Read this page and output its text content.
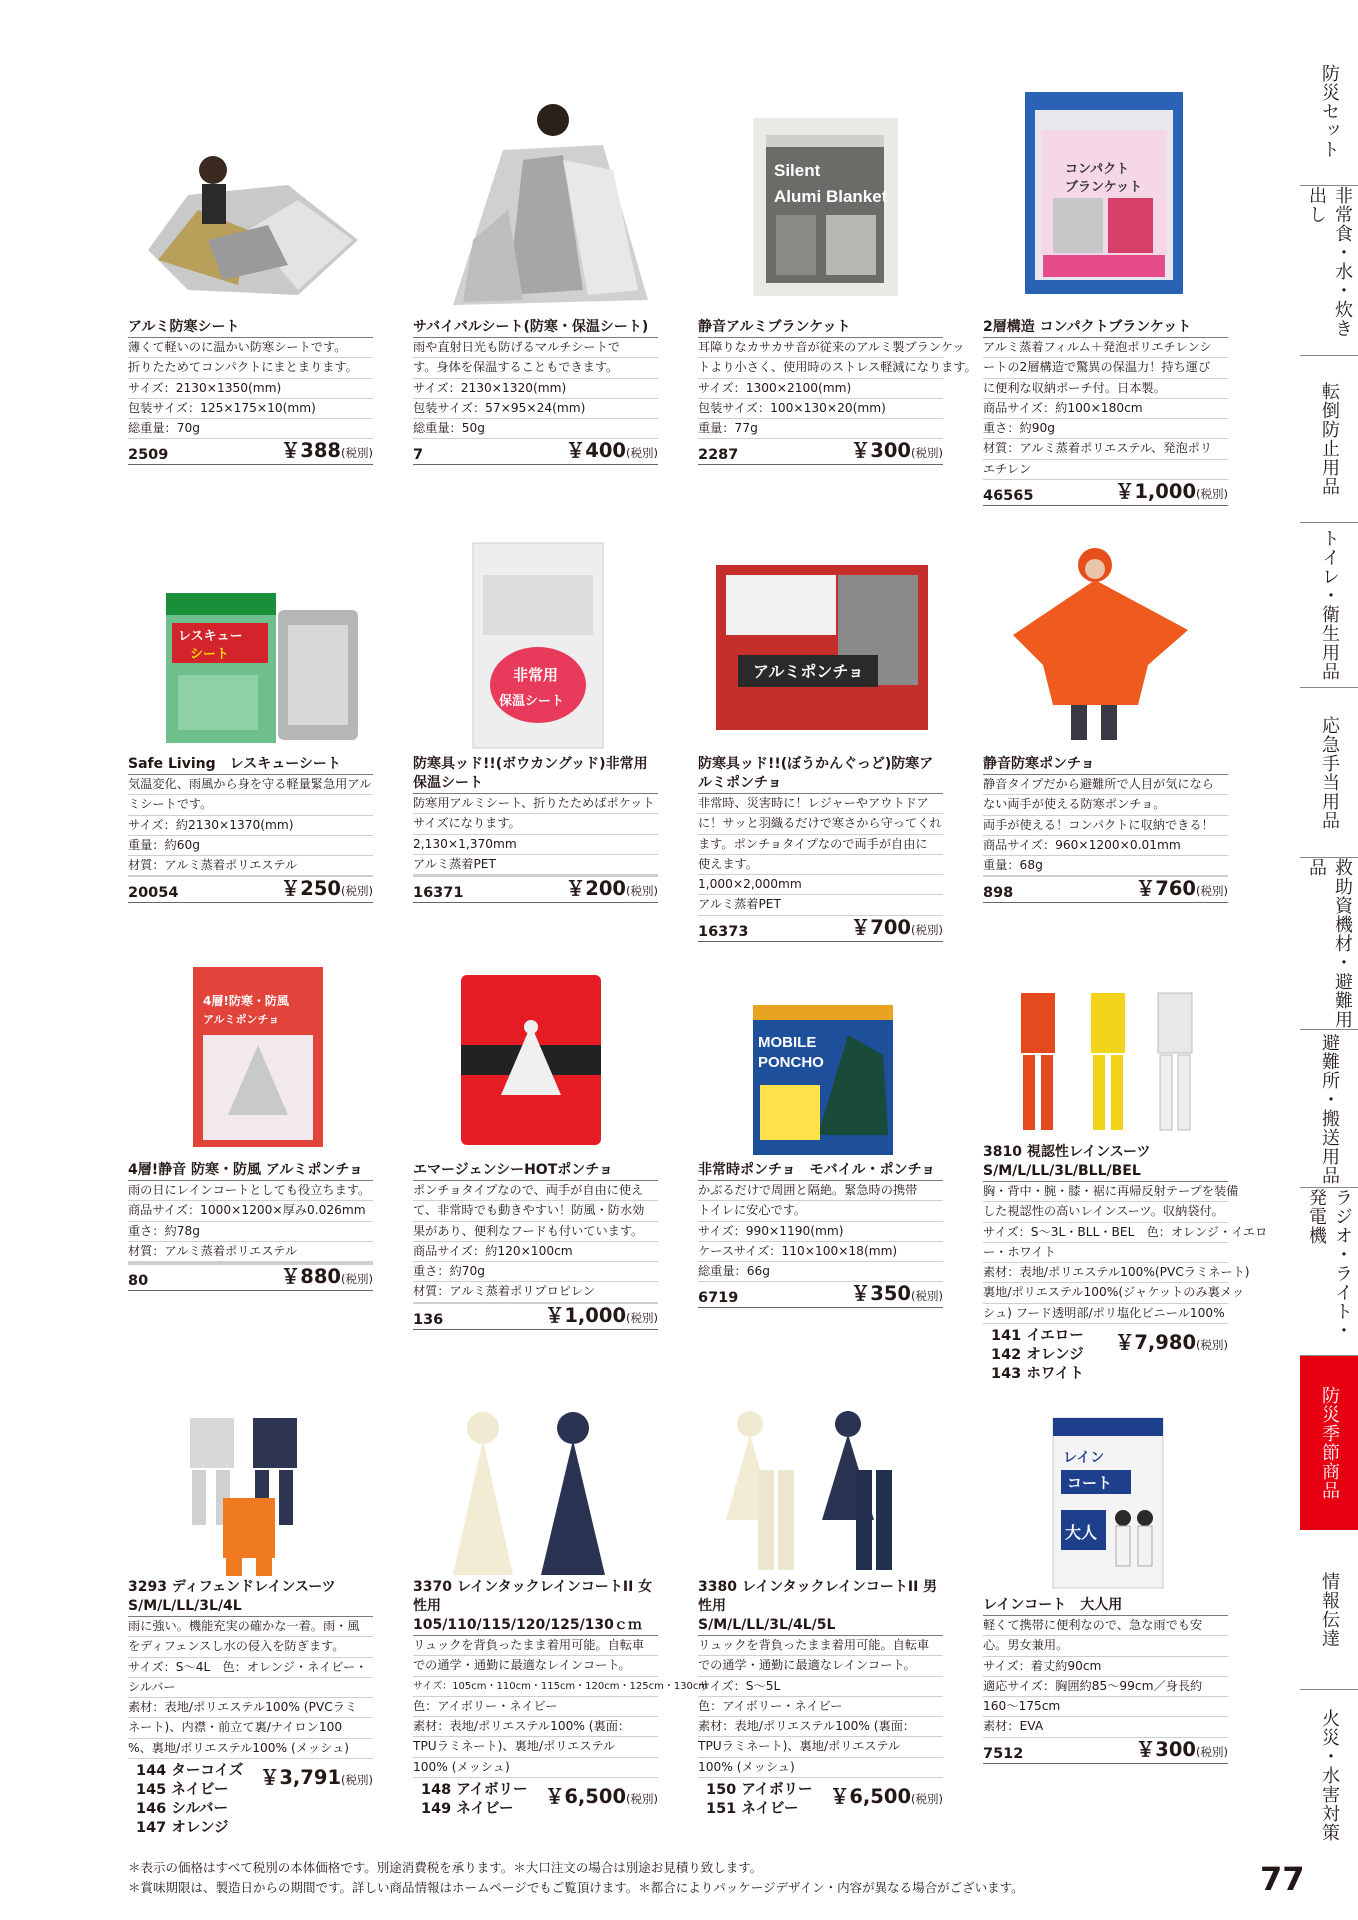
アルミ防寒シート
薄くて軽いのに温かい防寒シートです。
折りたためてコンパクトにまとまります。
サイズ：2130×1350(mm)
包装サイズ：125×175×10(mm)
総重量：70g
2509	￥388(税別)
サバイバルシート(防寒・保温シート)
雨や直射日光も防げるマルチシートで
す。身体を保温することもできます。
サイズ：2130×1320(mm)
包装サイズ：57×95×24(mm)
総重量：50g
7	￥400(税別)
Silent
Alumi Blanket
静音アルミブランケット
耳障りなカサカサ音が従来のアルミ製ブランケッ
トより小さく、使用時のストレス軽減になります。
サイズ：1300×2100(mm)
包装サイズ：100×130×20(mm)
重量：77g
2287	￥300(税別)
コンパクト
ブランケット
2層構造 コンパクトブランケット
アルミ蒸着フィルム＋発泡ポリエチレンシ
ートの2層構造で驚異の保温力！持ち運び
に便利な収納ポーチ付。日本製。
商品サイズ：約100×180cm
重さ：約90g
材質：アルミ蒸着ポリエステル、発泡ポリ
エチレン
46565	￥1,000(税別)
レスキュー
シート
Safe Living　レスキューシート
気温変化、雨風から身を守る軽量緊急用アル
ミシートです。
サイズ：約2130×1370(mm)
重量：約60g
材質：アルミ蒸着ポリエステル
20054	￥250(税別)
非常用
保温シート
防寒具ッド!!(ボウカングッド)非常用保温シート
防寒用アルミシート、折りたためばポケット
サイズになります。
2,130×1,370mm
アルミ蒸着PET
16371	￥200(税別)
アルミポンチョ
防寒具ッド!!(ぼうかんぐっど)防寒アルミポンチョ
非常時、災害時に！レジャーやアウトドア
に！サッと羽織るだけで寒さから守ってくれ
ます。ポンチョタイプなので両手が自由に
使えます。
1,000×2,000mm
アルミ蒸着PET
16373	￥700(税別)
静音防寒ポンチョ
静音タイプだから避難所で人目が気になら
ない両手が使える防寒ポンチョ。
両手が使える！コンパクトに収納できる！
商品サイズ：960×1200×0.01mm
重量：68g
898	￥760(税別)
4層!防寒・防風
アルミポンチョ
4層!静音 防寒・防風 アルミポンチョ
雨の日にレインコートとしても役立ちます。
商品サイズ：1000×1200×厚み0.026mm
重さ：約78g
材質：アルミ蒸着ポリエステル
80	￥880(税別)
エマージェンシーHOTポンチョ
ポンチョタイプなので、両手が自由に使え
て、非常時でも動きやすい！防風・防水効
果があり、便利なフードも付いています。
商品サイズ：約120×100cm
重さ：約70g
材質：アルミ蒸着ポリプロピレン
136	￥1,000(税別)
MOBILE
PONCHO
非常時ポンチョ　モバイル・ポンチョ
かぶるだけで周囲と隔絶。緊急時の携帯
トイレに安心です。
サイズ：990×1190(mm)
ケースサイズ：110×100×18(mm)
総重量：66g
6719	￥350(税別)
3810 視認性レインスーツ
S/M/L/LL/3L/BLL/BEL
胸・背中・腕・膝・裾に再帰反射テープを装備
した視認性の高いレインスーツ。収納袋付。
サイズ：S〜3L・BLL・BEL　色：オレンジ・イエロ
ー・ホワイト
素材：表地/ポリエステル100%(PVCラミネート)
裏地/ポリエステル100%(ジャケットのみ裏メッ
シュ) フード透明部/ポリ塩化ビニール100%
141 イエロー
142 オレンジ
143 ホワイト
￥7,980(税別)
3293 ディフェンドレインスーツ
S/M/L/LL/3L/4L
雨に強い。機能充実の確かな一着。雨・風
をディフェンスし水の侵入を防ぎます。
サイズ：S〜4L　色：オレンジ・ネイビー・
シルバー
素材：表地/ポリエステル100% (PVCラミ
ネート)、内襟・前立て裏/ナイロン100
%、裏地/ポリエステル100% (メッシュ)
144 ターコイズ
145 ネイビー
146 シルバー
147 オレンジ
￥3,791(税別)
3370 レインタックレインコートII 女性用
105/110/115/120/125/130ｃｍ
リュックを背負ったまま着用可能。自転車
での通学・通勤に最適なレインコート。
サイズ：105cm・110cm・115cm・120cm・125cm・130cm
色：アイボリー・ネイビー
素材：表地/ポリエステル100% (裏面：
TPUラミネート)、裏地/ポリエステル
100% (メッシュ)
148 アイボリー
149 ネイビー
￥6,500(税別)
3380 レインタックレインコートII 男性用
S/M/L/LL/3L/4L/5L
リュックを背負ったまま着用可能。自転車
での通学・通勤に最適なレインコート。
サイズ：S〜5L
色：アイボリー・ネイビー
素材：表地/ポリエステル100% (裏面：
TPUラミネート)、裏地/ポリエステル
100% (メッシュ)
150 アイボリー
151 ネイビー
￥6,500(税別)
レイン
コート
大人
レインコート　大人用
軽くて携帯に便利なので、急な雨でも安
心。男女兼用。
サイズ：着丈約90cm
適応サイズ：胸囲約85〜99cm／身長約
160〜175cm
素材：EVA
7512	￥300(税別)
防災セット
非常食・水・炊き出し
転倒防止用品
トイレ・衛生用品
応急手当用品
救助資機材・避難用品
避難所・搬送用品
ラジオ・ライト・発電機
防災季節商品
情報伝達
火災・水害対策
＊表示の価格はすべて税別の本体価格です。別途消費税を承ります。＊大口注文の場合は別途お見積り致します。
＊賞味期限は、製造日からの期間です。詳しい商品情報はホームページでもご覧頂けます。＊都合によりパッケージデザイン・内容が異なる場合がございます。	77
